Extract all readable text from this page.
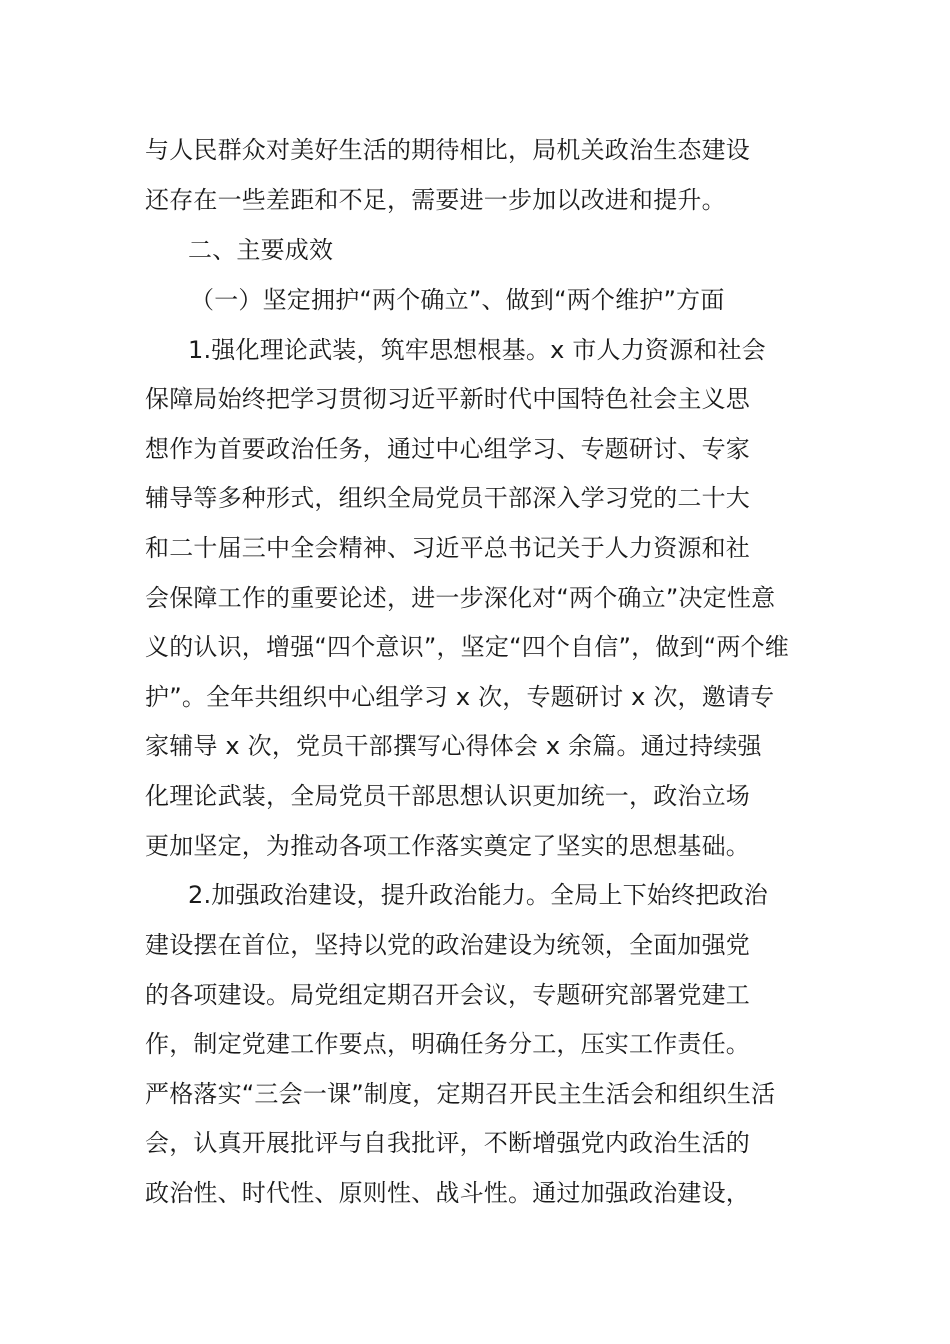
与人民群众对美好生活的期待相比，局机关政治生态建设
还存在一些差距和不足，需要进一步加以改进和提升。
二、主要成效
（一）坚定拥护“两个确立”、做到“两个维护”方面
1.强化理论武装，筑牢思想根基。x 市人力资源和社会
保障局始终把学习贯彻习近平新时代中国特色社会主义思
想作为首要政治任务，通过中心组学习、专题研讨、专家
辅导等多种形式，组织全局党员干部深入学习党的二十大
和二十届三中全会精神、习近平总书记关于人力资源和社
会保障工作的重要论述，进一步深化对“两个确立”决定性意
义的认识，增强“四个意识”，坚定“四个自信”，做到“两个维
护”。全年共组织中心组学习 x 次，专题研讨 x 次，邀请专
家辅导 x 次，党员干部撰写心得体会 x 余篇。通过持续强
化理论武装，全局党员干部思想认识更加统一，政治立场
更加坚定，为推动各项工作落实奠定了坚实的思想基础。
2.加强政治建设，提升政治能力。全局上下始终把政治
建设摆在首位，坚持以党的政治建设为统领，全面加强党
的各项建设。局党组定期召开会议，专题研究部署党建工
作，制定党建工作要点，明确任务分工，压实工作责任。
严格落实“三会一课”制度，定期召开民主生活会和组织生活
会，认真开展批评与自我批评，不断增强党内政治生活的
政治性、时代性、原则性、战斗性。通过加强政治建设，
